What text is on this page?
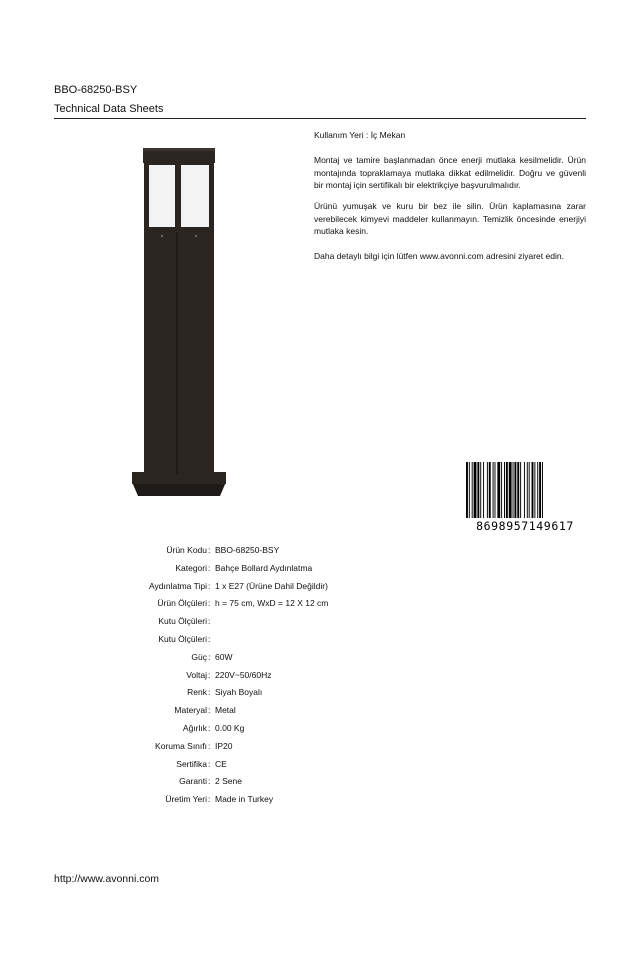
BBO-68250-BSY
Technical Data Sheets
Kullanım Yeri : İç Mekan
Montaj ve tamire başlanmadan önce enerji mutlaka kesilmelidir. Ürün montajında topraklamaya mutlaka dikkat edilmelidir. Doğru ve güvenli bir montaj için sertifikalı bir elektrikçiye başvurulmalıdır.
Ürünü yumuşak ve kuru bir bez ile silin. Ürün kaplamasına zarar verebilecek kimyevi maddeler kullanmayın. Temizlik öncesinde enerjiyi mutlaka kesin.
Daha detaylı bilgi için lütfen www.avonni.com adresini ziyaret edin.
8698957149617
Ürün Kodu : BBO-68250-BSY
Kategori : Bahçe Bollard Aydınlatma
Aydınlatma Tipi : 1 x E27 (Ürüne Dahil Değildir)
Ürün Ölçüleri : h = 75 cm, WxD = 12 X 12 cm
Kutu Ölçüleri :
Kutu Ölçüleri :
Güç : 60W
Voltaj : 220V~50/60Hz
Renk : Siyah Boyalı
Materyal : Metal
Ağırlık : 0.00 Kg
Koruma Sınıfı : IP20
Sertifika : CE
Garanti : 2 Sene
Üretim Yeri : Made in Turkey
http://www.avonni.com
